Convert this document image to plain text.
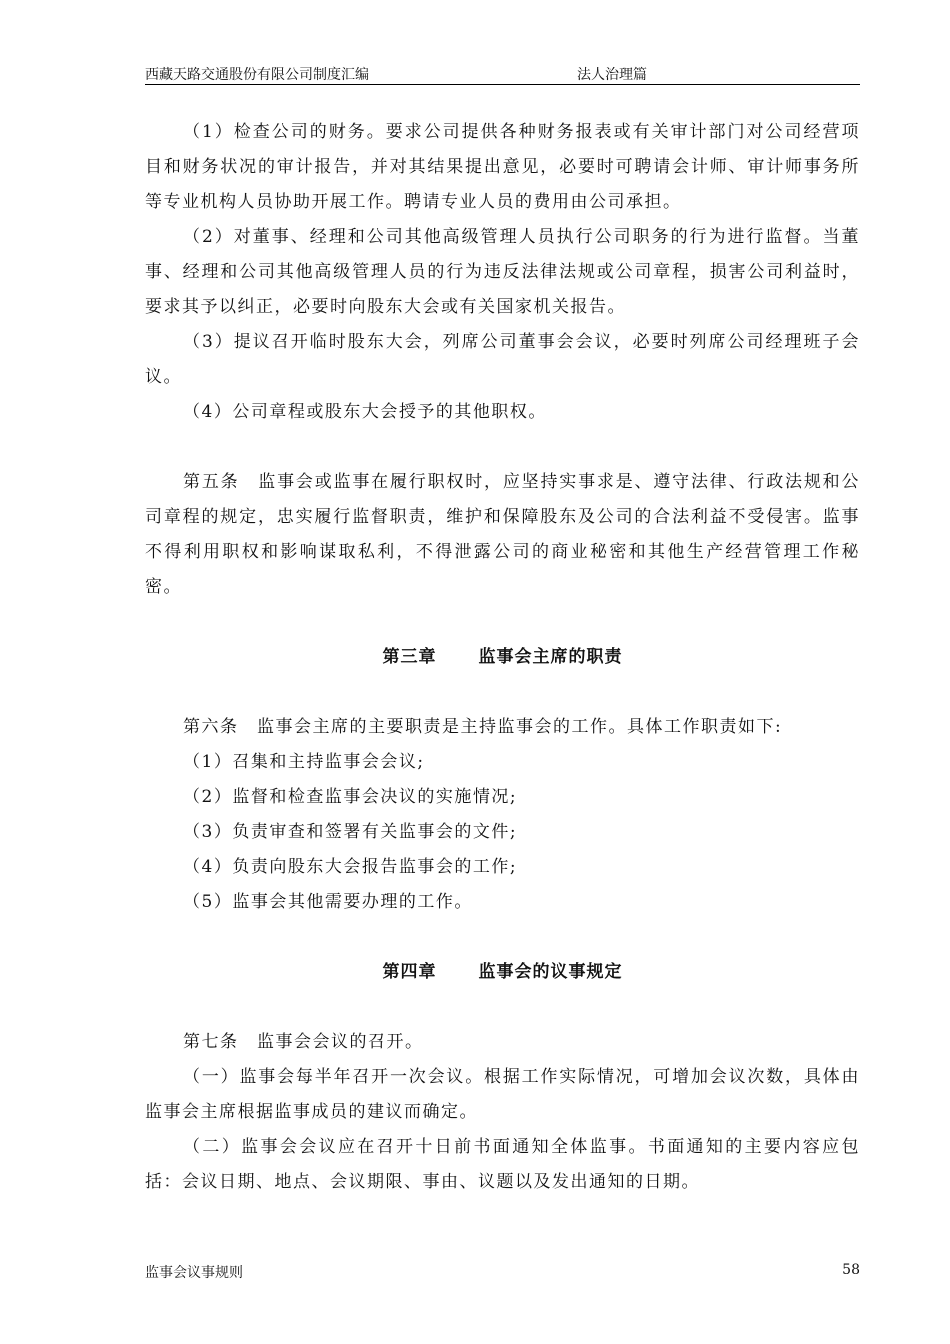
西藏天路交通股份有限公司制度汇编	法人治理篇

（1）检查公司的财务。要求公司提供各种财务报表或有关审计部门对公司经营项目和财务状况的审计报告，并对其结果提出意见，必要时可聘请会计师、审计师事务所等专业机构人员协助开展工作。聘请专业人员的费用由公司承担。

（2）对董事、经理和公司其他高级管理人员执行公司职务的行为进行监督。当董事、经理和公司其他高级管理人员的行为违反法律法规或公司章程，损害公司利益时，要求其予以纠正，必要时向股东大会或有关国家机关报告。

（3）提议召开临时股东大会，列席公司董事会会议，必要时列席公司经理班子会议。

（4）公司章程或股东大会授予的其他职权。

第五条　监事会或监事在履行职权时，应坚持实事求是、遵守法律、行政法规和公司章程的规定，忠实履行监督职责，维护和保障股东及公司的合法利益不受侵害。监事不得利用职权和影响谋取私利，不得泄露公司的商业秘密和其他生产经营管理工作秘密。

第三章 监事会主席的职责

第六条　监事会主席的主要职责是主持监事会的工作。具体工作职责如下:

（1）召集和主持监事会会议;

（2）监督和检查监事会决议的实施情况;

（3）负责审查和签署有关监事会的文件;

（4）负责向股东大会报告监事会的工作;

（5）监事会其他需要办理的工作。

第四章 监事会的议事规定

第七条　监事会会议的召开。

（一）监事会每半年召开一次会议。根据工作实际情况，可增加会议次数，具体由监事会主席根据监事成员的建议而确定。

（二）监事会会议应在召开十日前书面通知全体监事。书面通知的主要内容应包括：会议日期、地点、会议期限、事由、议题以及发出通知的日期。

监事会议事规则	58
